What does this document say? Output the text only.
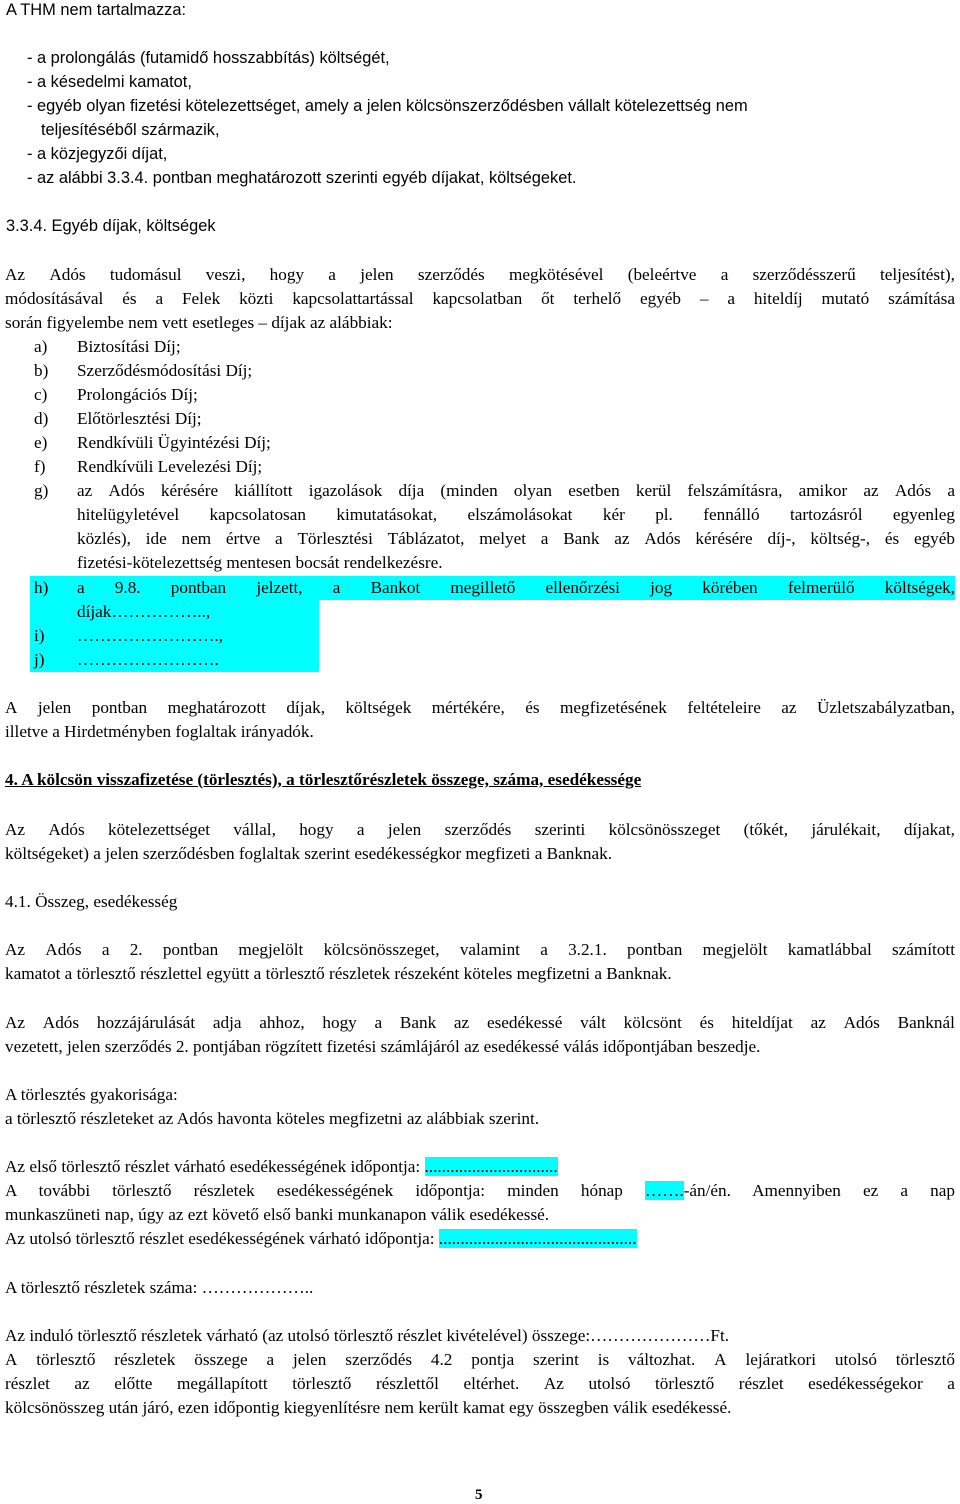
A THM nem tartalmazza:
- a prolongálás (futamidő hosszabbítás) költségét,
- a késedelmi kamatot,
- egyéb olyan fizetési kötelezettséget, amely a jelen kölcsönszerződésben vállalt kötelezettség nem
teljesítéséből származik,
- a közjegyzői díjat,
- az alábbi 3.3.4. pontban meghatározott szerinti egyéb díjakat, költségeket.
3.3.4. Egyéb díjak, költségek
Az Adós tudomásul veszi, hogy a jelen szerződés megkötésével (beleértve a szerződésszerű teljesítést),
módosításával és a Felek közti kapcsolattartással kapcsolatban őt terhelő egyéb – a hiteldíj mutató számítása
során figyelembe nem vett esetleges – díjak az alábbiak:
a) Biztosítási Díj;
b) Szerződésmódosítási Díj;
c) Prolongációs Díj;
d) Előtörlesztési Díj;
e) Rendkívüli Ügyintézési Díj;
f) Rendkívüli Levelezési Díj;
g) az Adós kérésére kiállított igazolások díja (minden olyan esetben kerül felszámításra, amikor az Adós a
hitelügyletével kapcsolatosan kimutatásokat, elszámolásokat kér pl. fennálló tartozásról egyenleg
közlés), ide nem értve a Törlesztési Táblázatot, melyet a Bank az Adós kérésére díj-, költség-, és egyéb
fizetési-kötelezettség mentesen bocsát rendelkezésre.
h) a 9.8. pontban jelzett, a Bankot megillető ellenőrzési jog körében felmerülő költségek,
díjak……………..,
i) …………………….,
j) …………………….
A jelen pontban meghatározott díjak, költségek mértékére, és megfizetésének feltételeire az Üzletszabályzatban,
illetve a Hirdetményben foglaltak irányadók.
4. A kölcsön visszafizetése (törlesztés), a törlesztőrészletek összege, száma, esedékessége
Az Adós kötelezettséget vállal, hogy a jelen szerződés szerinti kölcsönösszeget (tőkét, járulékait, díjakat,
költségeket) a jelen szerződésben foglaltak szerint esedékességkor megfizeti a Banknak.
4.1. Összeg, esedékesség
Az Adós a 2. pontban megjelölt kölcsönösszeget, valamint a 3.2.1. pontban megjelölt kamatlábbal számított
kamatot a törlesztő részlettel együtt a törlesztő részletek részeként köteles megfizetni a Banknak.
Az Adós hozzájárulását adja ahhoz, hogy a Bank az esedékessé vált kölcsönt és hiteldíjat az Adós Banknál
vezetett, jelen szerződés 2. pontjában rögzített fizetési számlájáról az esedékessé válás időpontjában beszedje.
A törlesztés gyakorisága:
a törlesztő részleteket az Adós havonta köteles megfizetni az alábbiak szerint.
Az első törlesztő részlet várható esedékességének időpontja: ...............................
A további törlesztő részletek esedékességének időpontja: minden hónap …….-án/én. Amennyiben ez a nap
munkaszüneti nap, úgy az ezt követő első banki munkanapon válik esedékessé.
Az utolsó törlesztő részlet esedékességének várható időpontja: ..............................................
A törlesztő részletek száma: ………………..
Az induló törlesztő részletek várható (az utolsó törlesztő részlet kivételével) összege:…………………Ft.
A törlesztő részletek összege a jelen szerződés 4.2 pontja szerint is változhat. A lejáratkori utolsó törlesztő
részlet az előtte megállapított törlesztő részlettől eltérhet. Az utolsó törlesztő részlet esedékességekor a
kölcsönösszeg után járó, ezen időpontig kiegyenlítésre nem került kamat egy összegben válik esedékessé.
5
